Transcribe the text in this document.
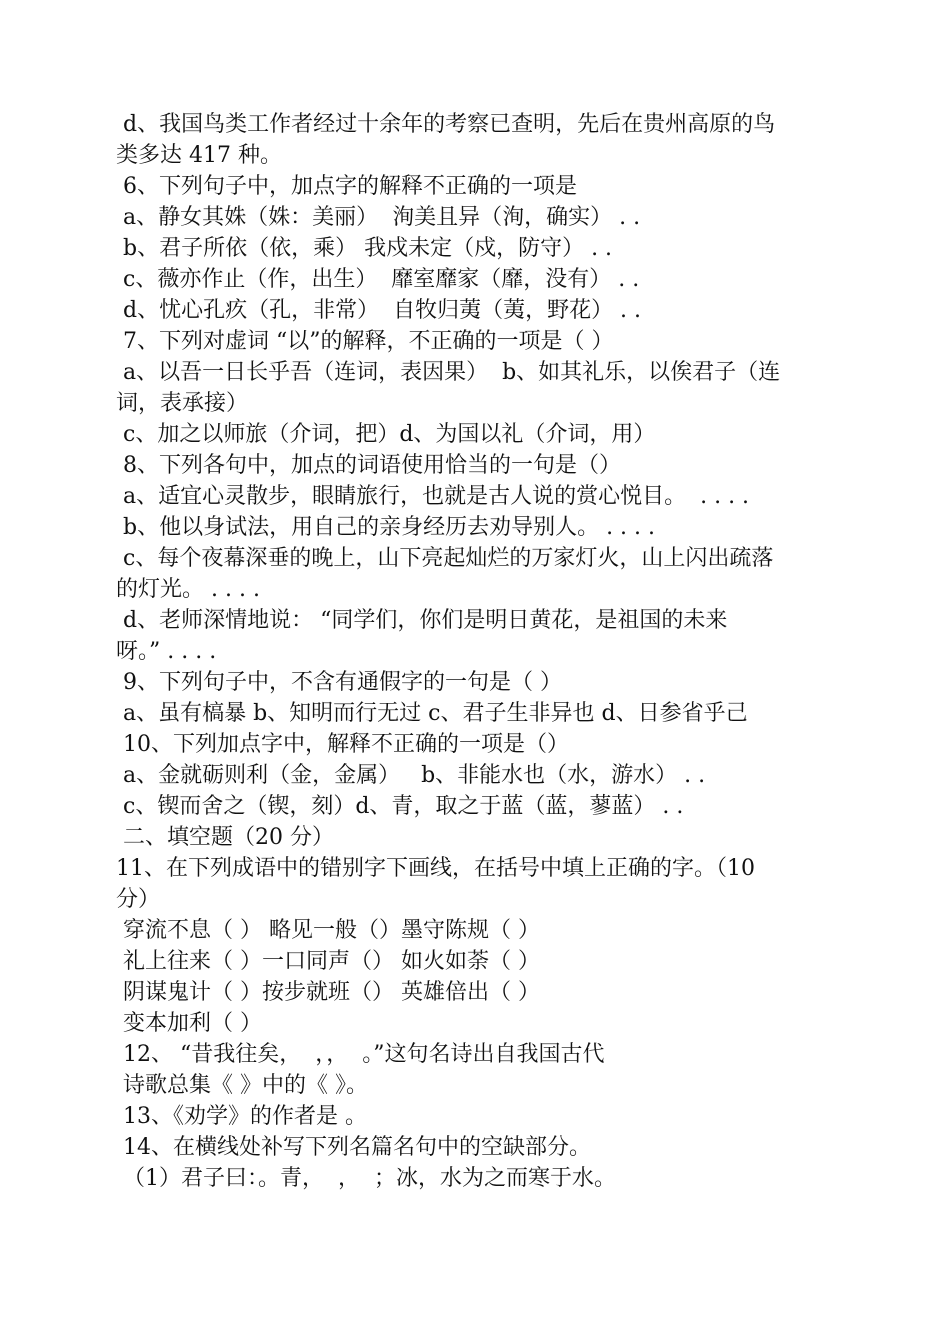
d、我国鸟类工作者经过十余年的考察已查明，先后在贵州高原的鸟
类多达 417 种。
6、下列句子中，加点字的解释不正确的一项是
a、静女其姝（姝：美丽）  洵美且异（洵，确实） . .
b、君子所依（依，乘） 我戍未定（戍，防守） . .
c、薇亦作止（作，出生）  靡室靡家（靡，没有） . .
d、忧心孔疚（孔，非常）  自牧归荑（荑，野花） . .
7、下列对虚词 “以”的解释，不正确的一项是（ ）
a、以吾一日长乎吾（连词，表因果）  b、如其礼乐，以俟君子（连
词，表承接）
c、加之以师旅（介词，把）d、为国以礼（介词，用）
8、下列各句中，加点的词语使用恰当的一句是（）
a、适宜心灵散步，眼睛旅行，也就是古人说的赏心悦目。  . . . .
b、他以身试法，用自己的亲身经历去劝导别人。 . . . .
c、每个夜幕深垂的晚上，山下亮起灿烂的万家灯火，山上闪出疏落
的灯光。 . . . .
d、老师深情地说： “同学们，你们是明日黄花，是祖国的未来
呀。” . . . .
9、下列句子中，不含有通假字的一句是（ ）
a、虽有槁暴 b、知明而行无过 c、君子生非异也 d、日参省乎己
10、下列加点字中，解释不正确的一项是（）
a、金就砺则利（金，金属）   b、非能水也（水，游水） . .
c、锲而舍之（锲，刻）d、青，取之于蓝（蓝，蓼蓝） . .
二、填空题（20 分）
11、在下列成语中的错别字下画线，在括号中填上正确的字。（10
分）
穿流不息（ ） 略见一般（）墨守陈规（ ）
礼上往来（ ）一口同声（） 如火如荼（ ）
阴谋鬼计（ ）按步就班（） 英雄倍出（ ）
变本加利（ ）
12、 “昔我往矣，  ，，  。”这句名诗出自我国古代
诗歌总集《 》中的《 》。
13、《劝学》的作者是 。
14、在横线处补写下列名篇名句中的空缺部分。
（1）君子曰：。青，  ，  ；冰，水为之而寒于水。
